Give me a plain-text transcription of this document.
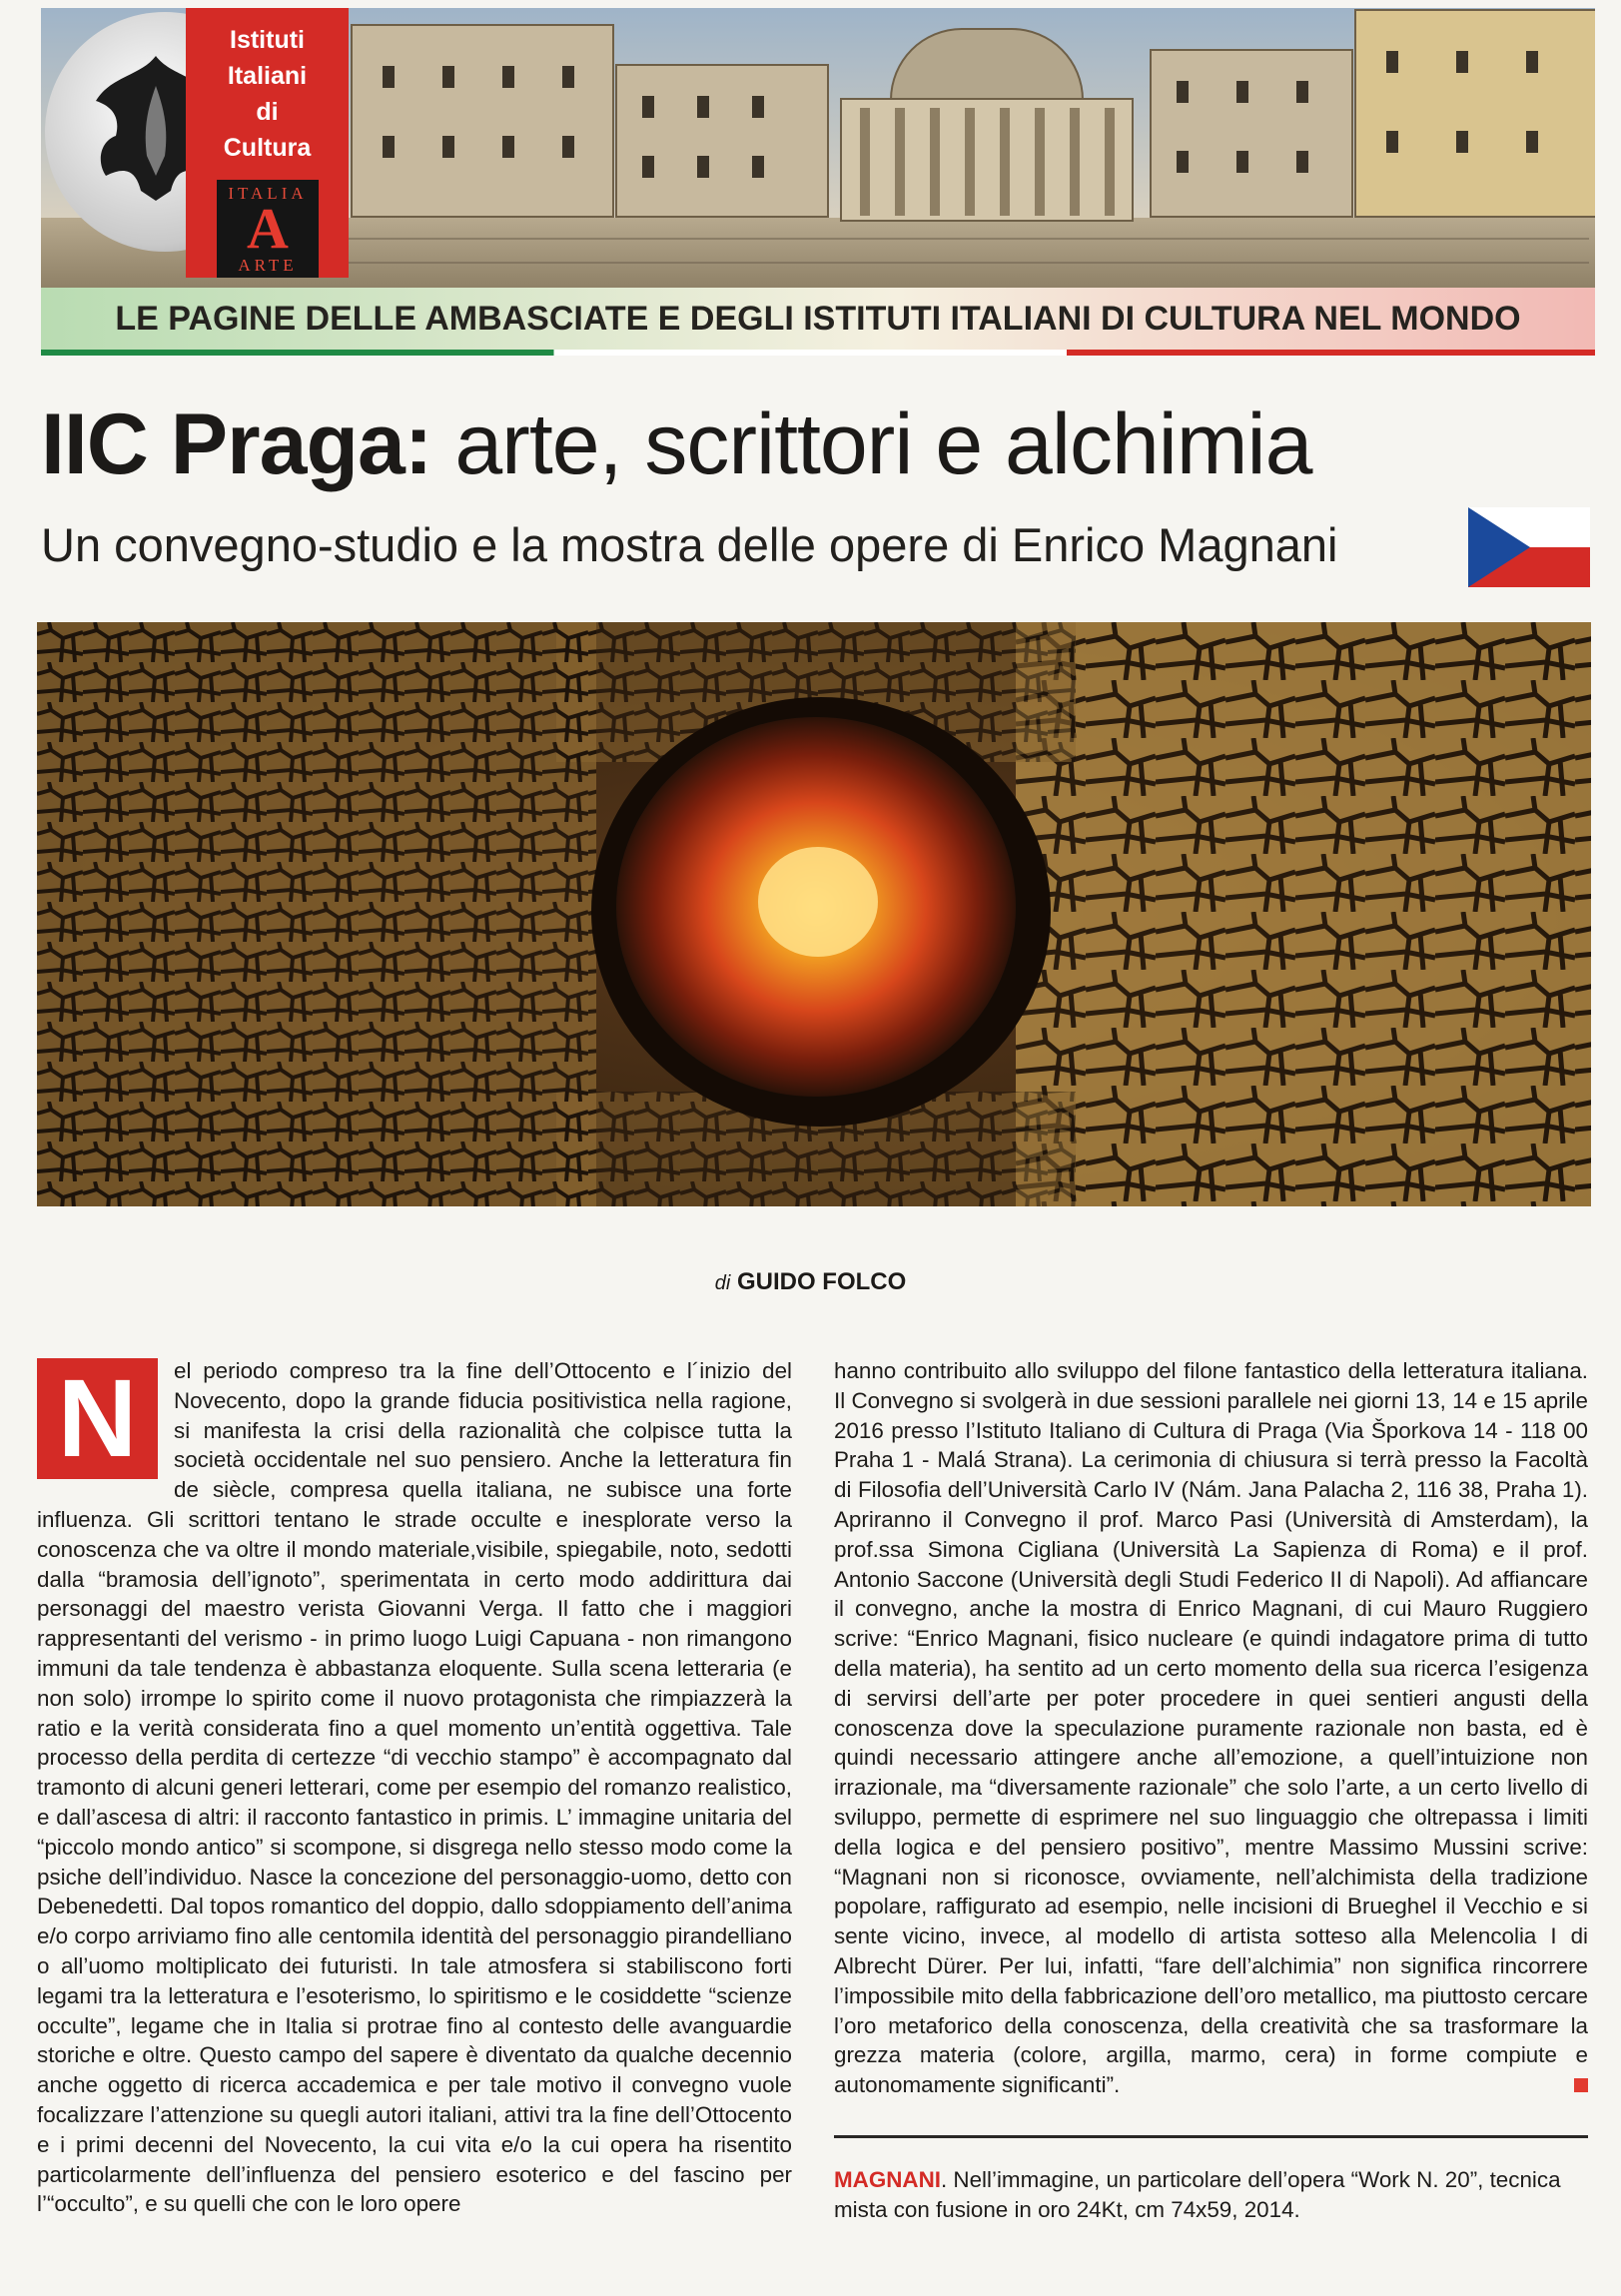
Istituti
Italiani
di
Cultura
ITALIA
A
ARTE
LE PAGINE DELLE AMBASCIATE E DEGLI ISTITUTI ITALIANI DI CULTURA NEL MONDO
IIC Praga: arte, scrittori e alchimia
Un convegno-studio e la mostra delle opere di Enrico Magnani
di GUIDO FOLCO
N	el periodo compreso tra la fine dell’Ottocento e l´inizio del Novecento, dopo la grande fiducia positivistica nella ragione, si manifesta la crisi della razionalità che colpisce tutta la società occidentale nel suo pensiero. Anche la letteratura fin de siècle, compresa quella italiana, ne subisce una forte influenza. Gli scrittori tentano le strade occulte e inesplorate verso la conoscenza che va oltre il mondo materiale,visibile, spiegabile, noto, sedotti dalla “bramosia dell’ignoto”, sperimentata in certo modo addirittura dai personaggi del maestro verista Giovanni Verga. Il fatto che i maggiori rappresentanti del verismo - in primo luogo Luigi Capuana - non rimangono immuni da tale tendenza è abbastanza eloquente. Sulla scena letteraria (e non solo) irrompe lo spirito come il nuovo protagonista che rimpiazzerà la ratio e la verità considerata fino a quel momento un’entità oggettiva. Tale processo della perdita di certezze “di vecchio stampo” è accompagnato dal tramonto di alcuni generi letterari, come per esempio del romanzo realistico, e dall’ascesa di altri: il racconto fantastico in primis. L’ immagine unitaria del “piccolo mondo antico” si scompone, si disgrega nello stesso modo come la psiche dell’individuo. Nasce la concezione del personaggio-uomo, detto con Debenedetti. Dal topos romantico del doppio, dallo sdoppiamento dell’anima e/o corpo arriviamo fino alle centomila identità del personaggio pirandelliano o all’uomo moltiplicato dei futuristi. In tale atmosfera si stabiliscono forti legami tra la letteratura e l’esoterismo, lo spiritismo e le cosiddette “scienze occulte”, legame che in Italia si protrae fino al contesto delle avanguardie storiche e oltre. Questo campo del sapere è diventato da qualche decennio anche oggetto di ricerca accademica e per tale motivo il convegno vuole focalizzare l’attenzione su quegli autori italiani, attivi tra la fine dell’Ottocento e i primi decenni del Novecento, la cui vita e/o la cui opera ha risentito particolarmente dell’influenza del pensiero esoterico e del fascino per l’“occulto”, e su quelli che con le loro opere
hanno contribuito allo sviluppo del filone fantastico della letteratura italiana. Il Convegno si svolgerà in due sessioni parallele nei giorni 13, 14 e 15 aprile 2016 presso l’Istituto Italiano di Cultura di Praga (Via Šporkova 14 - 118 00 Praha 1 - Malá Strana). La cerimonia di chiusura si terrà presso la Facoltà di Filosofia dell’Università Carlo IV (Nám. Jana Palacha 2, 116 38, Praha 1). Apriranno il Convegno il prof. Marco Pasi (Università di Amsterdam), la prof.ssa Simona Cigliana (Università La Sapienza di Roma) e il prof. Antonio Saccone (Università degli Studi Federico II di Napoli). Ad affiancare il convegno, anche la mostra di Enrico Magnani, di cui Mauro Ruggiero scrive: “Enrico Magnani, fisico nucleare (e quindi indagatore prima di tutto della materia), ha sentito ad un certo momento della sua ricerca l’esigenza di servirsi dell’arte per poter procedere in quei sentieri angusti della conoscenza dove la speculazione puramente razionale non basta, ed è quindi necessario attingere anche all’emozione, a quell’intuizione non irrazionale, ma “diversamente razionale” che solo l’arte, a un certo livello di sviluppo, permette di esprimere nel suo linguaggio che oltrepassa i limiti della logica e del pensiero positivo”, mentre Massimo Mussini scrive: “Magnani non si riconosce, ovviamente, nell’alchimista della tradizione popolare, raffigurato ad esempio, nelle incisioni di Brueghel il Vecchio e si sente vicino, invece, al modello di artista sotteso alla Melencolia I di Albrecht Dürer. Per lui, infatti, “fare dell’alchimia” non significa rincorrere l’impossibile mito della fabbricazione dell’oro metallico, ma piuttosto cercare l’oro metaforico della conoscenza, della creatività che sa trasformare la grezza materia (colore, argilla, marmo, cera) in forme compiute e autonomamente significanti”.
MAGNANI. Nell’immagine, un particolare dell’opera “Work N. 20”, tecnica mista con fusione in oro 24Kt, cm 74x59, 2014.
